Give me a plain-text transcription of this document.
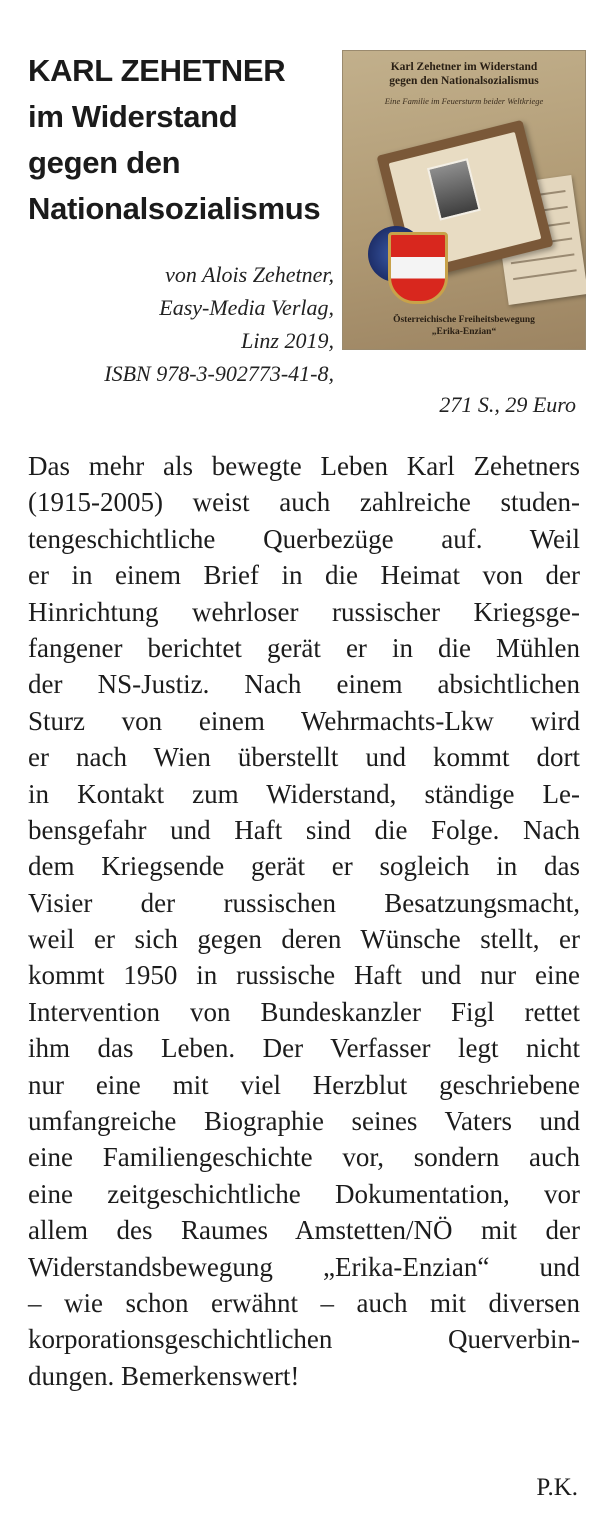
KARL ZEHETNER
im Widerstand
gegen den
Nationalsozialismus
von Alois Zehetner,
Easy-Media Verlag,
Linz 2019,
ISBN 978-3-902773-41-8,
271 S., 29 Euro
Karl Zehetner im Widerstand
gegen den Nationalsozialismus
Eine Familie im Feuersturm beider Weltkriege
Österreichische Freiheitsbewegung
„Erika-Enzian“
Das mehr als bewegte Leben Karl Zehetners
(1915-2005) weist auch zahlreiche studen-
tengeschichtliche Querbezüge auf. Weil
er in einem Brief in die Heimat von der
Hinrichtung wehrloser russischer Kriegsge-
fangener berichtet gerät er in die Mühlen
der NS-Justiz. Nach einem absichtlichen
Sturz von einem Wehrmachts-Lkw wird
er nach Wien überstellt und kommt dort
in Kontakt zum Widerstand, ständige Le-
bensgefahr und Haft sind die Folge. Nach
dem Kriegsende gerät er sogleich in das
Visier der russischen Besatzungsmacht,
weil er sich gegen deren Wünsche stellt, er
kommt 1950 in russische Haft und nur eine
Intervention von Bundeskanzler Figl rettet
ihm das Leben. Der Verfasser legt nicht
nur eine mit viel Herzblut geschriebene
umfangreiche Biographie seines Vaters und
eine Familiengeschichte vor, sondern auch
eine zeitgeschichtliche Dokumentation, vor
allem des Raumes Amstetten/NÖ mit der
Widerstandsbewegung „Erika-Enzian“ und
– wie schon erwähnt – auch mit diversen
korporationsgeschichtlichen Querverbin-
dungen. Bemerkenswert!
P.K.
